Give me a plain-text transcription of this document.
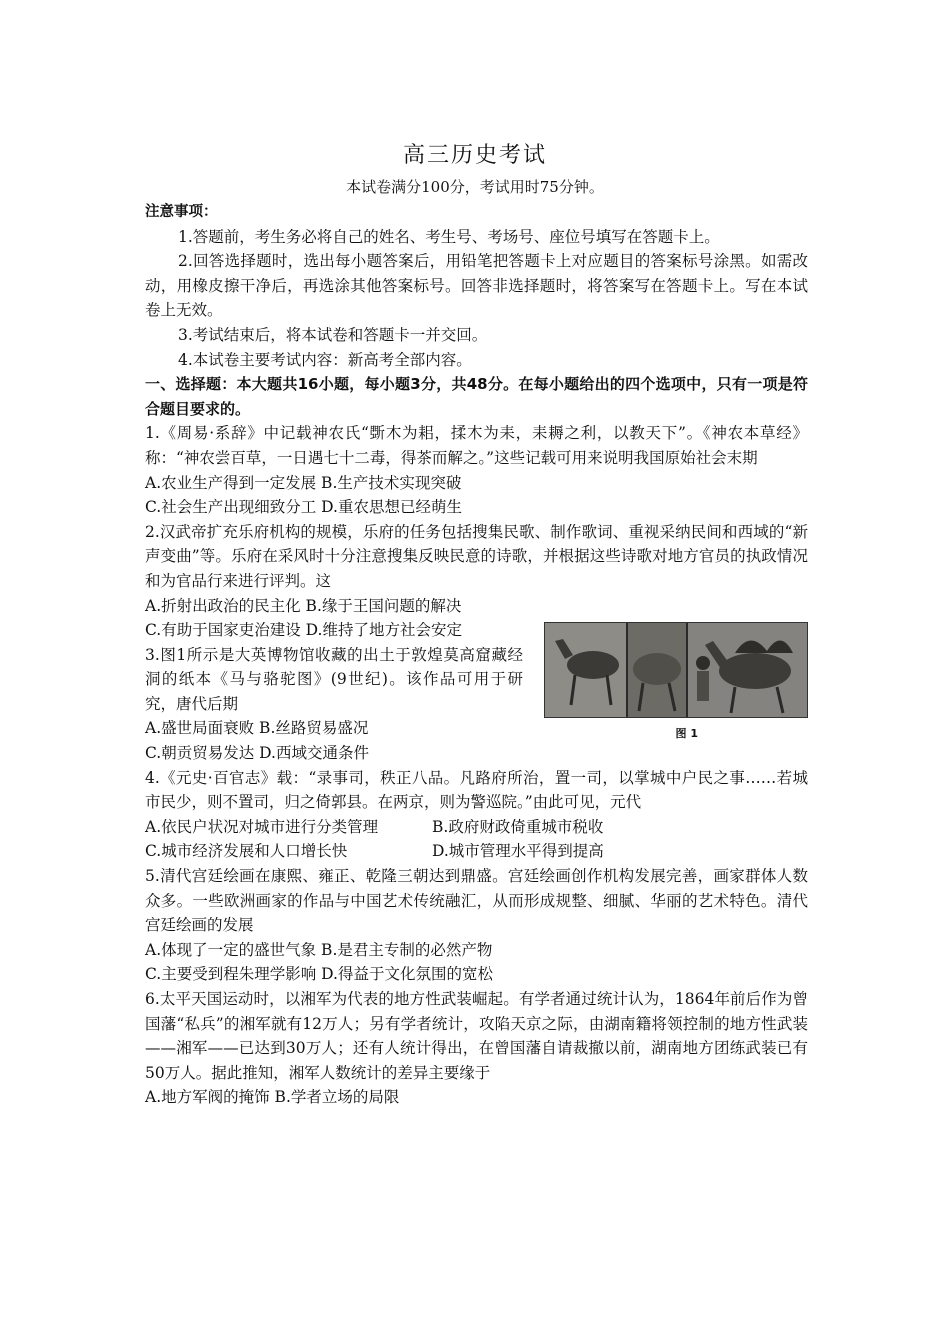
高三历史考试
本试卷满分100分，考试用时75分钟。

注意事项：

1.答题前，考生务必将自己的姓名、考生号、考场号、座位号填写在答题卡上。

2.回答选择题时，选出每小题答案后，用铅笔把答题卡上对应题目的答案标号涂黑。如需改动，用橡皮擦干净后，再选涂其他答案标号。回答非选择题时，将答案写在答题卡上。写在本试卷上无效。

3.考试结束后，将本试卷和答题卡一并交回。

4.本试卷主要考试内容：新高考全部内容。

一、选择题：本大题共16小题，每小题3分，共48分。在每小题给出的四个选项中，只有一项是符合题目要求的。

1.《周易·系辞》中记载神农氏“斲木为耜，揉木为耒，耒耨之利，以教天下”。《神农本草经》称：“神农尝百草，一日遇七十二毒，得茶而解之。”这些记载可用来说明我国原始社会末期

A.农业生产得到一定发展 B.生产技术实现突破

C.社会生产出现细致分工 D.重农思想已经萌生

2.汉武帝扩充乐府机构的规模，乐府的任务包括搜集民歌、制作歌词、重视采纳民间和西域的“新声变曲”等。乐府在采风时十分注意搜集反映民意的诗歌，并根据这些诗歌对地方官员的执政情况和为官品行来进行评判。这

A.折射出政治的民主化 B.缘于王国问题的解决

图 1

C.有助于国家吏治建设 D.维持了地方社会安定

3.图1所示是大英博物馆收藏的出土于敦煌莫高窟藏经洞的纸本《马与骆驼图》(9世纪)。该作品可用于研究，唐代后期

A.盛世局面衰败 B.丝路贸易盛况

C.朝贡贸易发达 D.西域交通条件

4.《元史·百官志》载：“录事司，秩正八品。凡路府所治，置一司，以掌城中户民之事……若城市民少，则不置司，归之倚郭县。在两京，则为警巡院。”由此可见，元代

A.依民户状况对城市进行分类管理	B.政府财政倚重城市税收
C.城市经济发展和人口增长快	D.城市管理水平得到提高

5.清代宫廷绘画在康熙、雍正、乾隆三朝达到鼎盛。宫廷绘画创作机构发展完善，画家群体人数众多。一些欧洲画家的作品与中国艺术传统融汇，从而形成规整、细腻、华丽的艺术特色。清代宫廷绘画的发展

A.体现了一定的盛世气象 B.是君主专制的必然产物

C.主要受到程朱理学影响 D.得益于文化氛围的宽松

6.太平天国运动时，以湘军为代表的地方性武装崛起。有学者通过统计认为，1864年前后作为曾国藩“私兵”的湘军就有12万人；另有学者统计，攻陷天京之际，由湖南籍将领控制的地方性武装——湘军——已达到30万人；还有人统计得出，在曾国藩自请裁撤以前，湖南地方团练武装已有50万人。据此推知，湘军人数统计的差异主要缘于

A.地方军阀的掩饰 B.学者立场的局限
